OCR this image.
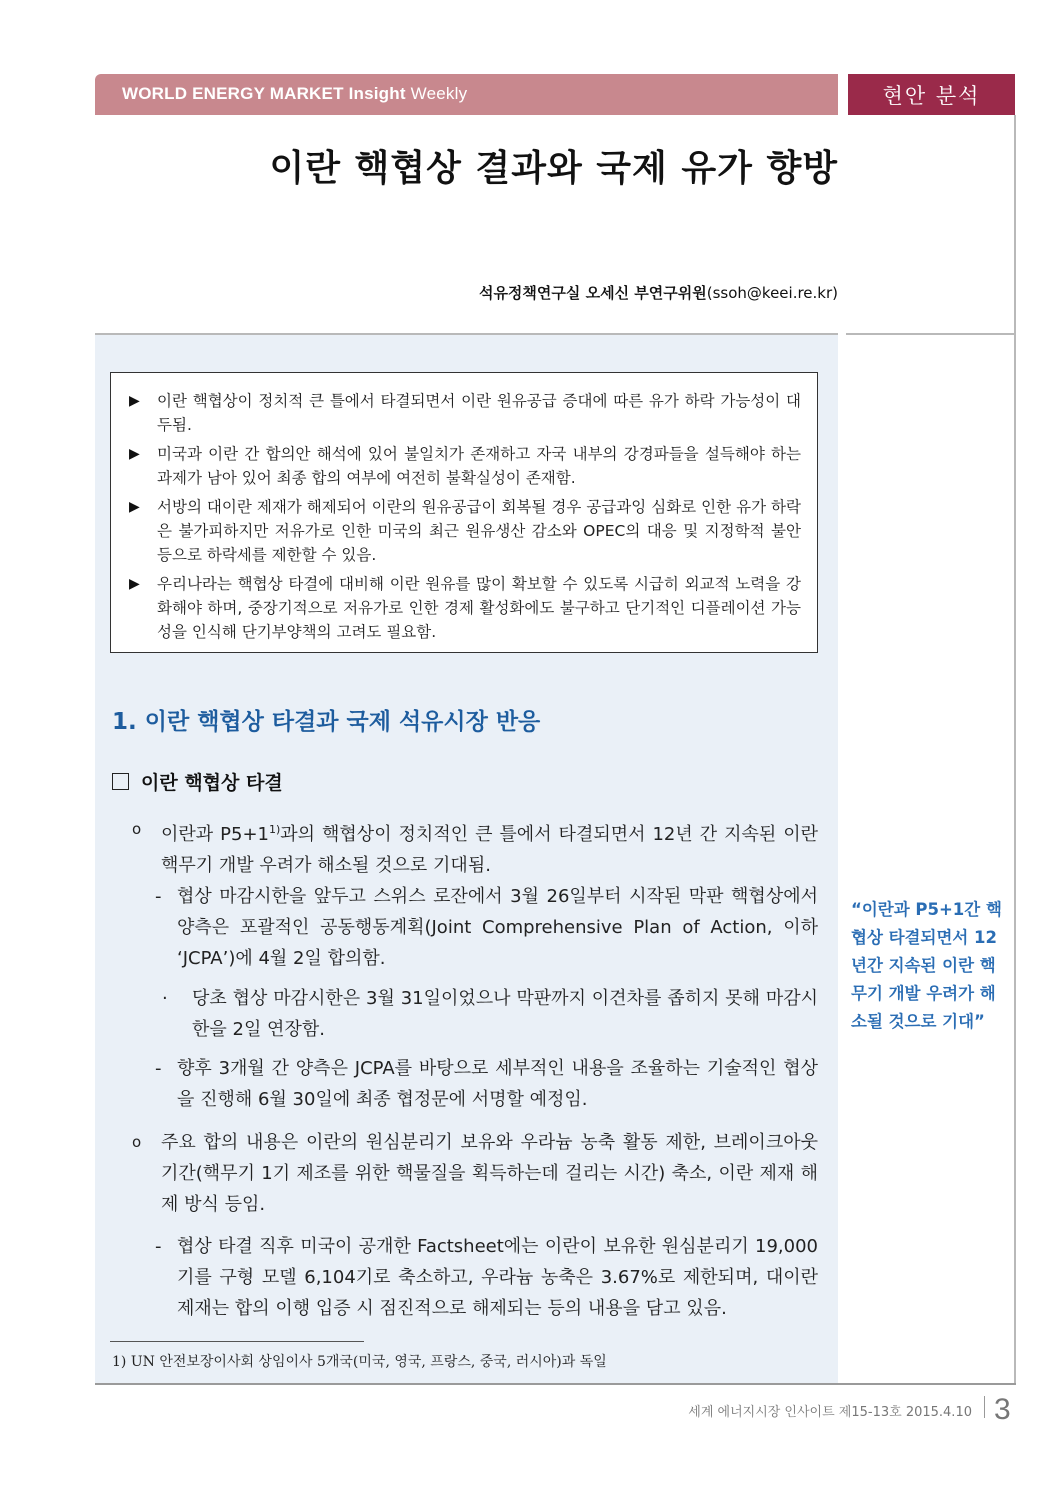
WORLD ENERGY MARKET Insight Weekly	현안 분석
이란 핵협상 결과와 국제 유가 향방
석유정책연구실 오세신 부연구위원(ssoh@keei.re.kr)
▶ 이란 핵협상이 정치적 큰 틀에서 타결되면서 이란 원유공급 증대에 따른 유가 하락 가능성이 대두됨.
▶ 미국과 이란 간 합의안 해석에 있어 불일치가 존재하고 자국 내부의 강경파들을 설득해야 하는 과제가 남아 있어 최종 합의 여부에 여전히 불확실성이 존재함.
▶ 서방의 대이란 제재가 해제되어 이란의 원유공급이 회복될 경우 공급과잉 심화로 인한 유가 하락은 불가피하지만 저유가로 인한 미국의 최근 원유생산 감소와 OPEC의 대응 및 지정학적 불안 등으로 하락세를 제한할 수 있음.
▶ 우리나라는 핵협상 타결에 대비해 이란 원유를 많이 확보할 수 있도록 시급히 외교적 노력을 강화해야 하며, 중장기적으로 저유가로 인한 경제 활성화에도 불구하고 단기적인 디플레이션 가능성을 인식해 단기부양책의 고려도 필요함.
1. 이란 핵협상 타결과 국제 석유시장 반응
이란 핵협상 타결
ο 이란과 $P5+1^{1)}$과의 핵협상이 정치적인 큰 틀에서 타결되면서 12년 간 지속된 이란 핵무기 개발 우려가 해소될 것으로 기대됨.
- 협상 마감시한을 앞두고 스위스 로잔에서 3월 26일부터 시작된 막판 핵협상에서 양측은 포괄적인 공동행동계획(Joint Comprehensive Plan of Action, 이하 ‘JCPA’)에 4월 2일 합의함.
· 당초 협상 마감시한은 3월 31일이었으나 막판까지 이견차를 좁히지 못해 마감시한을 2일 연장함.
- 향후 3개월 간 양측은 JCPA를 바탕으로 세부적인 내용을 조율하는 기술적인 협상을 진행해 6월 30일에 최종 협정문에 서명할 예정임.
ο 주요 합의 내용은 이란의 원심분리기 보유와 우라늄 농축 활동 제한, 브레이크아웃 기간(핵무기 1기 제조를 위한 핵물질을 획득하는데 걸리는 시간) 축소, 이란 제재 해제 방식 등임.
- 협상 타결 직후 미국이 공개한 Factsheet에는 이란이 보유한 원심분리기 19,000기를 구형 모델 6,104기로 축소하고, 우라늄 농축은 3.67%로 제한되며, 대이란 제재는 합의 이행 입증 시 점진적으로 해제되는 등의 내용을 담고 있음.
1) UN 안전보장이사회 상임이사 5개국(미국, 영국, 프랑스, 중국, 러시아)과 독일
“이란과 P5+1간 핵협상 타결되면서 12년간 지속된 이란 핵무기 개발 우려가 해소될 것으로 기대”
세계 에너지시장 인사이트 제15-13호 2015.4.10 3
